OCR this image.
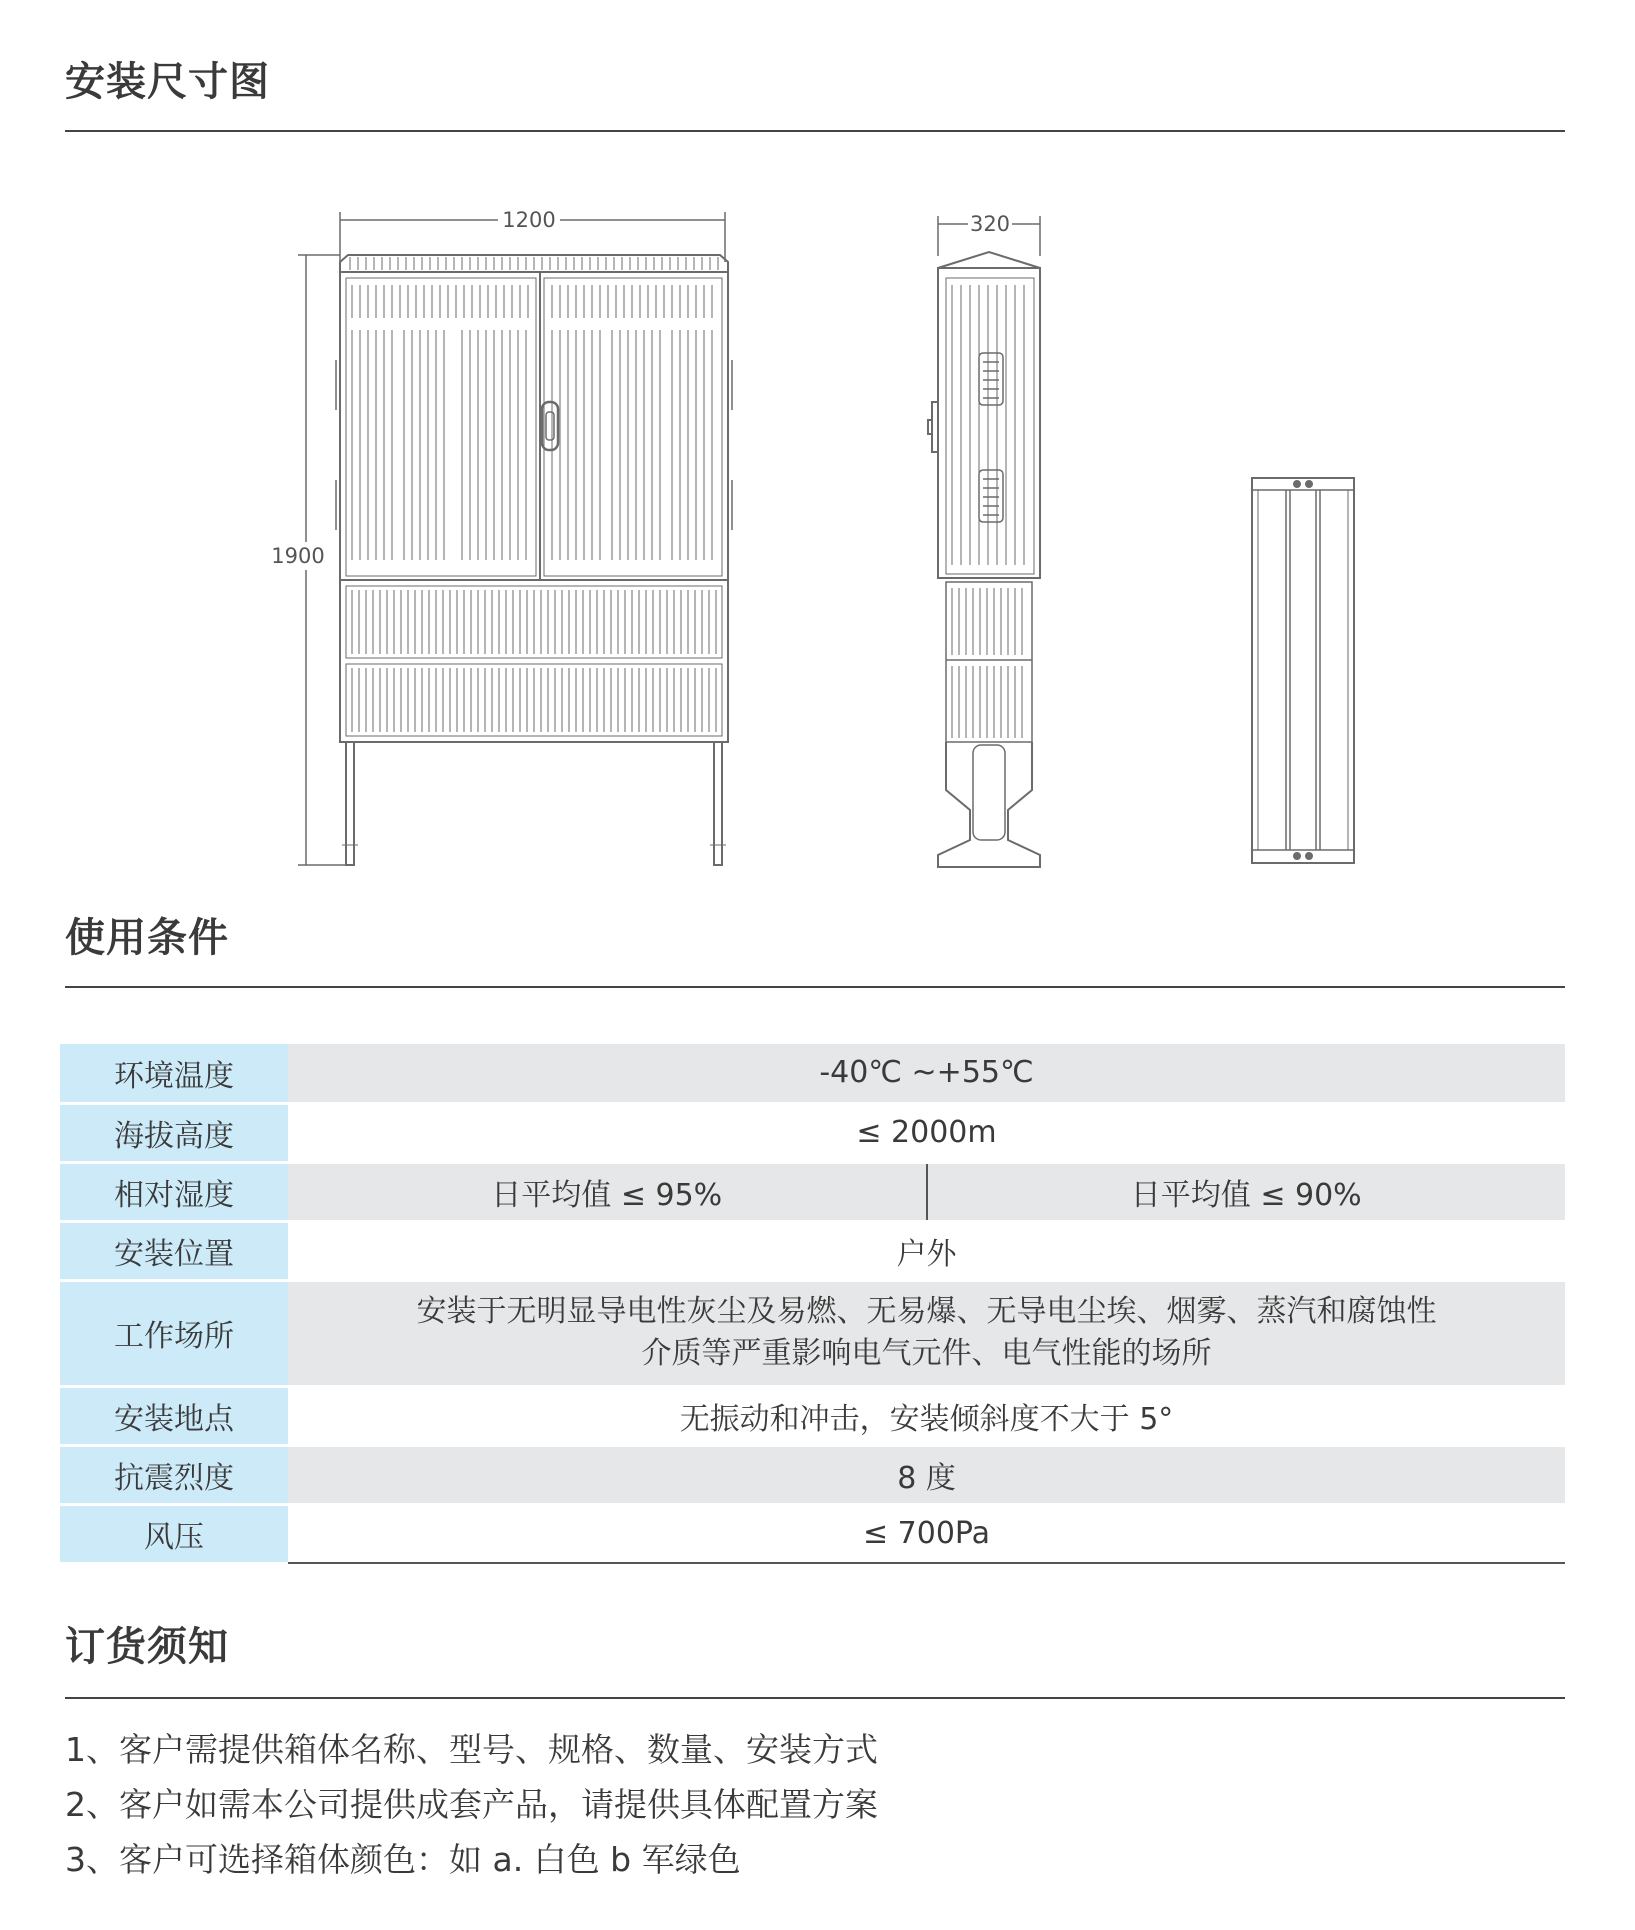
安装尺寸图
1200
1900
320
使用条件
环境温度	-40℃ ~+55℃	
海拔高度	≤ 2000m	
相对湿度	日平均值 ≤ 95%	日平均值 ≤ 90%
安装位置	户外	
工作场所	安装于无明显导电性灰尘及易燃、无易爆、无导电尘埃、烟雾、蒸汽和腐蚀性
介质等严重影响电气元件、电气性能的场所	

安装地点	无振动和冲击，安装倾斜度不大于 5°	
抗震烈度	8 度	
风压	≤ 700Pa	
订货须知
1、客户需提供箱体名称、型号、规格、数量、安装方式
2、客户如需本公司提供成套产品，请提供具体配置方案
3、客户可选择箱体颜色：如 a. 白色 b 军绿色
